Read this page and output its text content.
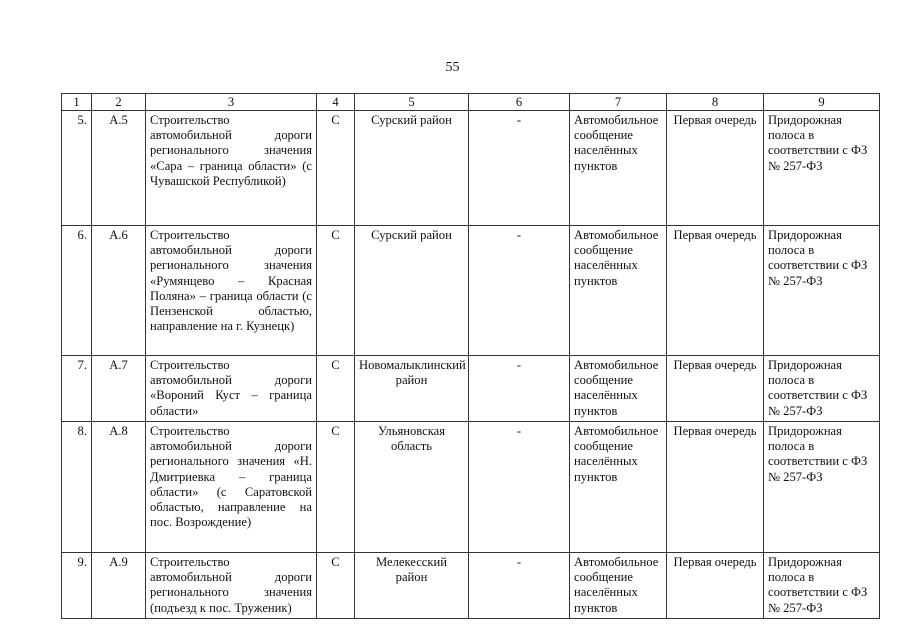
55
1	2	3	4	5	6	7	8	9
5.	А.5	Строительство автомобильной дороги регионального значения «Сара – граница области» (с Чувашской Республикой)	С	Сурский район	-	Автомобильное сообщение населённых пунктов	Первая очередь	Придорожная полоса в соответствии с ФЗ № 257-ФЗ
6.	А.6	Строительство автомобильной дороги регионального значения «Румянцево – Красная Поляна» – граница области (с Пензенской областью, направление на г. Кузнецк)	С	Сурский район	-	Автомобильное сообщение населённых пунктов	Первая очередь	Придорожная полоса в соответствии с ФЗ № 257-ФЗ
7.	А.7	Строительство автомобильной дороги «Вороний Куст – граница области»	С	Новомалыклинский район	-	Автомобильное сообщение населённых пунктов	Первая очередь	Придорожная полоса в соответствии с ФЗ № 257-ФЗ
8.	А.8	Строительство автомобильной дороги регионального значения «Н. Дмитриевка – граница области» (с Саратовской областью, направление на пос. Возрождение)	С	Ульяновская область	-	Автомобильное сообщение населённых пунктов	Первая очередь	Придорожная полоса в соответствии с ФЗ № 257-ФЗ
9.	А.9	Строительство автомобильной дороги регионального значения (подъезд к пос. Труженик)	С	Мелекесский район	-	Автомобильное сообщение населённых пунктов	Первая очередь	Придорожная полоса в соответствии с ФЗ № 257-ФЗ
